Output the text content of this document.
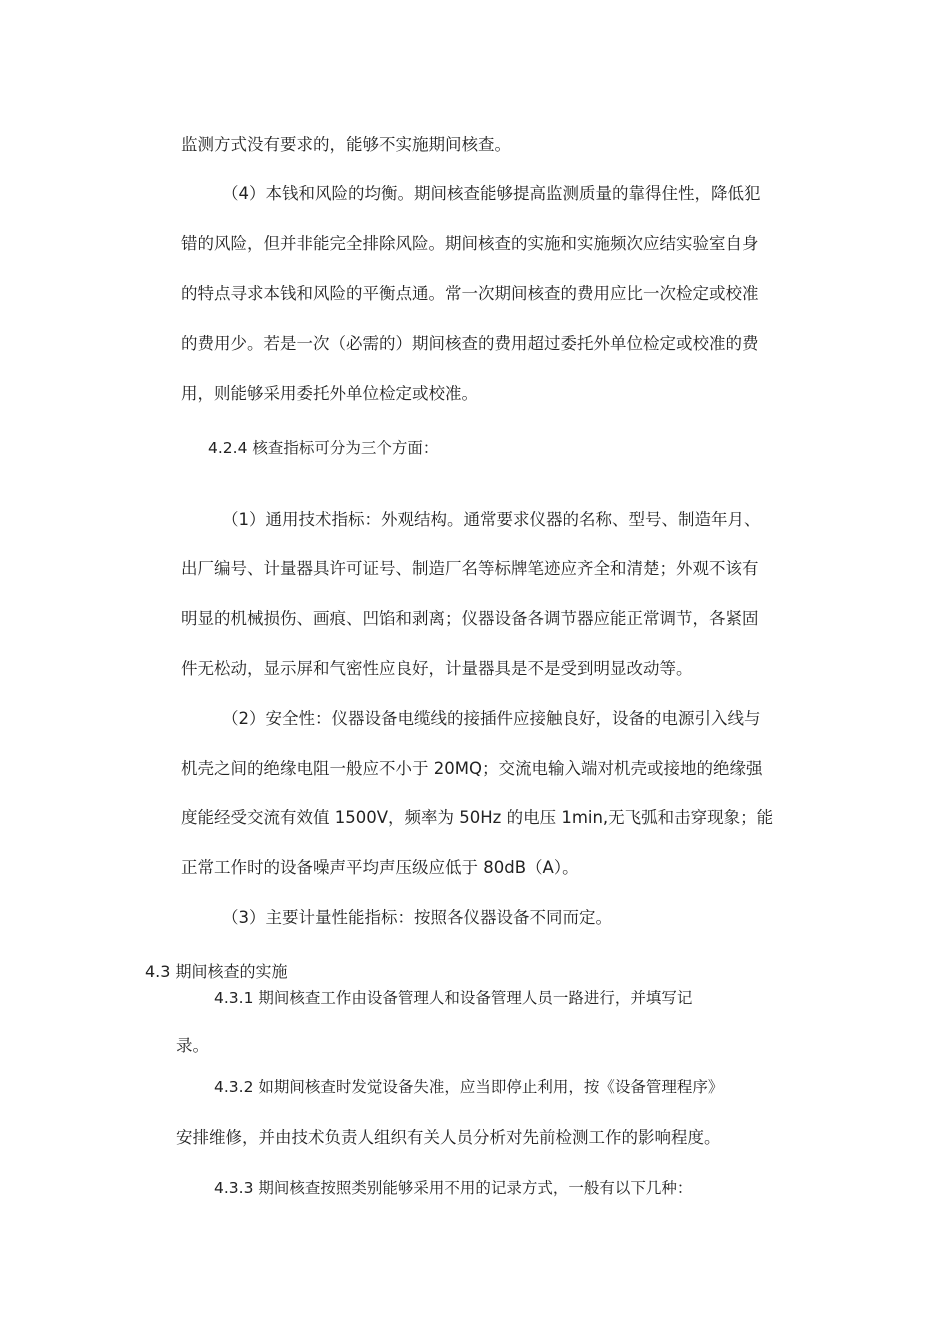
监测方式没有要求的，能够不实施期间核查。
（4）本钱和风险的均衡。期间核查能够提高监测质量的靠得住性，降低犯
错的风险，但并非能完全排除风险。期间核查的实施和实施频次应结实验室自身
的特点寻求本钱和风险的平衡点通。常一次期间核查的费用应比一次检定或校准
的费用少。若是一次（必需的）期间核查的费用超过委托外单位检定或校准的费
用，则能够采用委托外单位检定或校准。
4.2.4 核查指标可分为三个方面：
（1）通用技术指标：外观结构。通常要求仪器的名称、型号、制造年月、
出厂编号、计量器具许可证号、制造厂名等标牌笔迹应齐全和清楚；外观不该有
明显的机械损伤、画痕、凹馅和剥离；仪器设备各调节器应能正常调节，各紧固
件无松动，显示屏和气密性应良好，计量器具是不是受到明显改动等。
（2）安全性：仪器设备电缆线的接插件应接触良好，设备的电源引入线与
机壳之间的绝缘电阻一般应不小于 20MQ；交流电输入端对机壳或接地的绝缘强
度能经受交流有效值 1500V，频率为 50Hz 的电压 1min,无飞弧和击穿现象；能
正常工作时的设备噪声平均声压级应低于 80dB（A）。
（3）主要计量性能指标：按照各仪器设备不同而定。
4.3 期间核查的实施
4.3.1 期间核查工作由设备管理人和设备管理人员一路进行，并填写记
录。
4.3.2 如期间核查时发觉设备失准，应当即停止利用，按《设备管理程序》
安排维修，并由技术负责人组织有关人员分析对先前检测工作的影响程度。
4.3.3 期间核查按照类别能够采用不用的记录方式，一般有以下几种：
